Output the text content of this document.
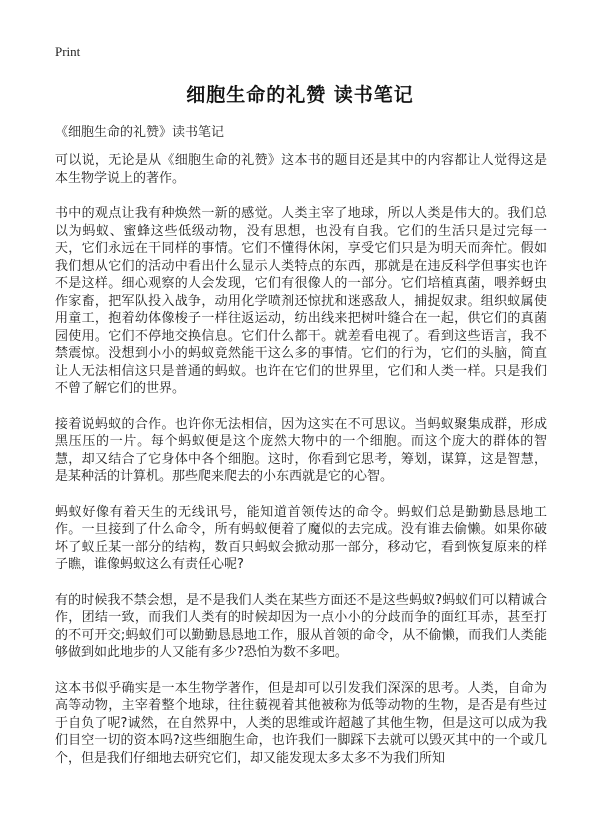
Print
细胞生命的礼赞 读书笔记
《细胞生命的礼赞》读书笔记

可以说，无论是从《细胞生命的礼赞》这本书的题目还是其中的内容都让人觉得这是本生物学说上的著作。

书中的观点让我有种焕然一新的感觉。人类主宰了地球，所以人类是伟大的。我们总以为蚂蚁、蜜蜂这些低级动物，没有思想，也没有自我。它们的生活只是过完每一天，它们永远在干同样的事情。它们不懂得休闲，享受它们只是为明天而奔忙。假如我们想从它们的活动中看出什么显示人类特点的东西，那就是在违反科学但事实也许不是这样。细心观察的人会发现，它们有很像人的一部分。它们培植真菌，喂养蚜虫作家畜，把军队投入战争，动用化学喷剂还惊扰和迷惑敌人，捕捉奴隶。组织蚁属使用童工，抱着幼体像梭子一样往返运动，纺出线来把树叶缝合在一起，供它们的真菌园使用。它们不停地交换信息。它们什么都干。就差看电视了。看到这些语言，我不禁震惊。没想到小小的蚂蚁竟然能干这么多的事情。它们的行为，它们的头脑，简直让人无法相信这只是普通的蚂蚁。也许在它们的世界里，它们和人类一样。只是我们不曾了解它们的世界。

接着说蚂蚁的合作。也许你无法相信，因为这实在不可思议。当蚂蚁聚集成群，形成黑压压的一片。每个蚂蚁便是这个庞然大物中的一个细胞。而这个庞大的群体的智慧，却又结合了它身体中各个细胞。这时，你看到它思考，筹划，谋算，这是智慧，是某种活的计算机。那些爬来爬去的小东西就是它的心智。

蚂蚁好像有着天生的无线讯号，能知道首领传达的命令。蚂蚁们总是勤勤恳恳地工作。一旦接到了什么命令，所有蚂蚁便着了魔似的去完成。没有谁去偷懒。如果你破坏了蚁丘某一部分的结构，数百只蚂蚁会掀动那一部分，移动它，看到恢复原来的样子瞧，谁像蚂蚁这么有责任心呢?

有的时候我不禁会想，是不是我们人类在某些方面还不是这些蚂蚁?蚂蚁们可以精诚合作，团结一致，而我们人类有的时候却因为一点小小的分歧而争的面红耳赤，甚至打的不可开交;蚂蚁们可以勤勤恳恳地工作，服从首领的命令，从不偷懒，而我们人类能够做到如此地步的人又能有多少?恐怕为数不多吧。

这本书似乎确实是一本生物学著作，但是却可以引发我们深深的思考。人类，自命为高等动物，主宰着整个地球，往往藐视着其他被称为低等动物的生物，是否是有些过于自负了呢?诚然，在自然界中，人类的思维或许超越了其他生物，但是这可以成为我们目空一切的资本吗?这些细胞生命，也许我们一脚踩下去就可以毁灭其中的一个或几个，但是我们仔细地去研究它们，却又能发现太多太多不为我们所知
